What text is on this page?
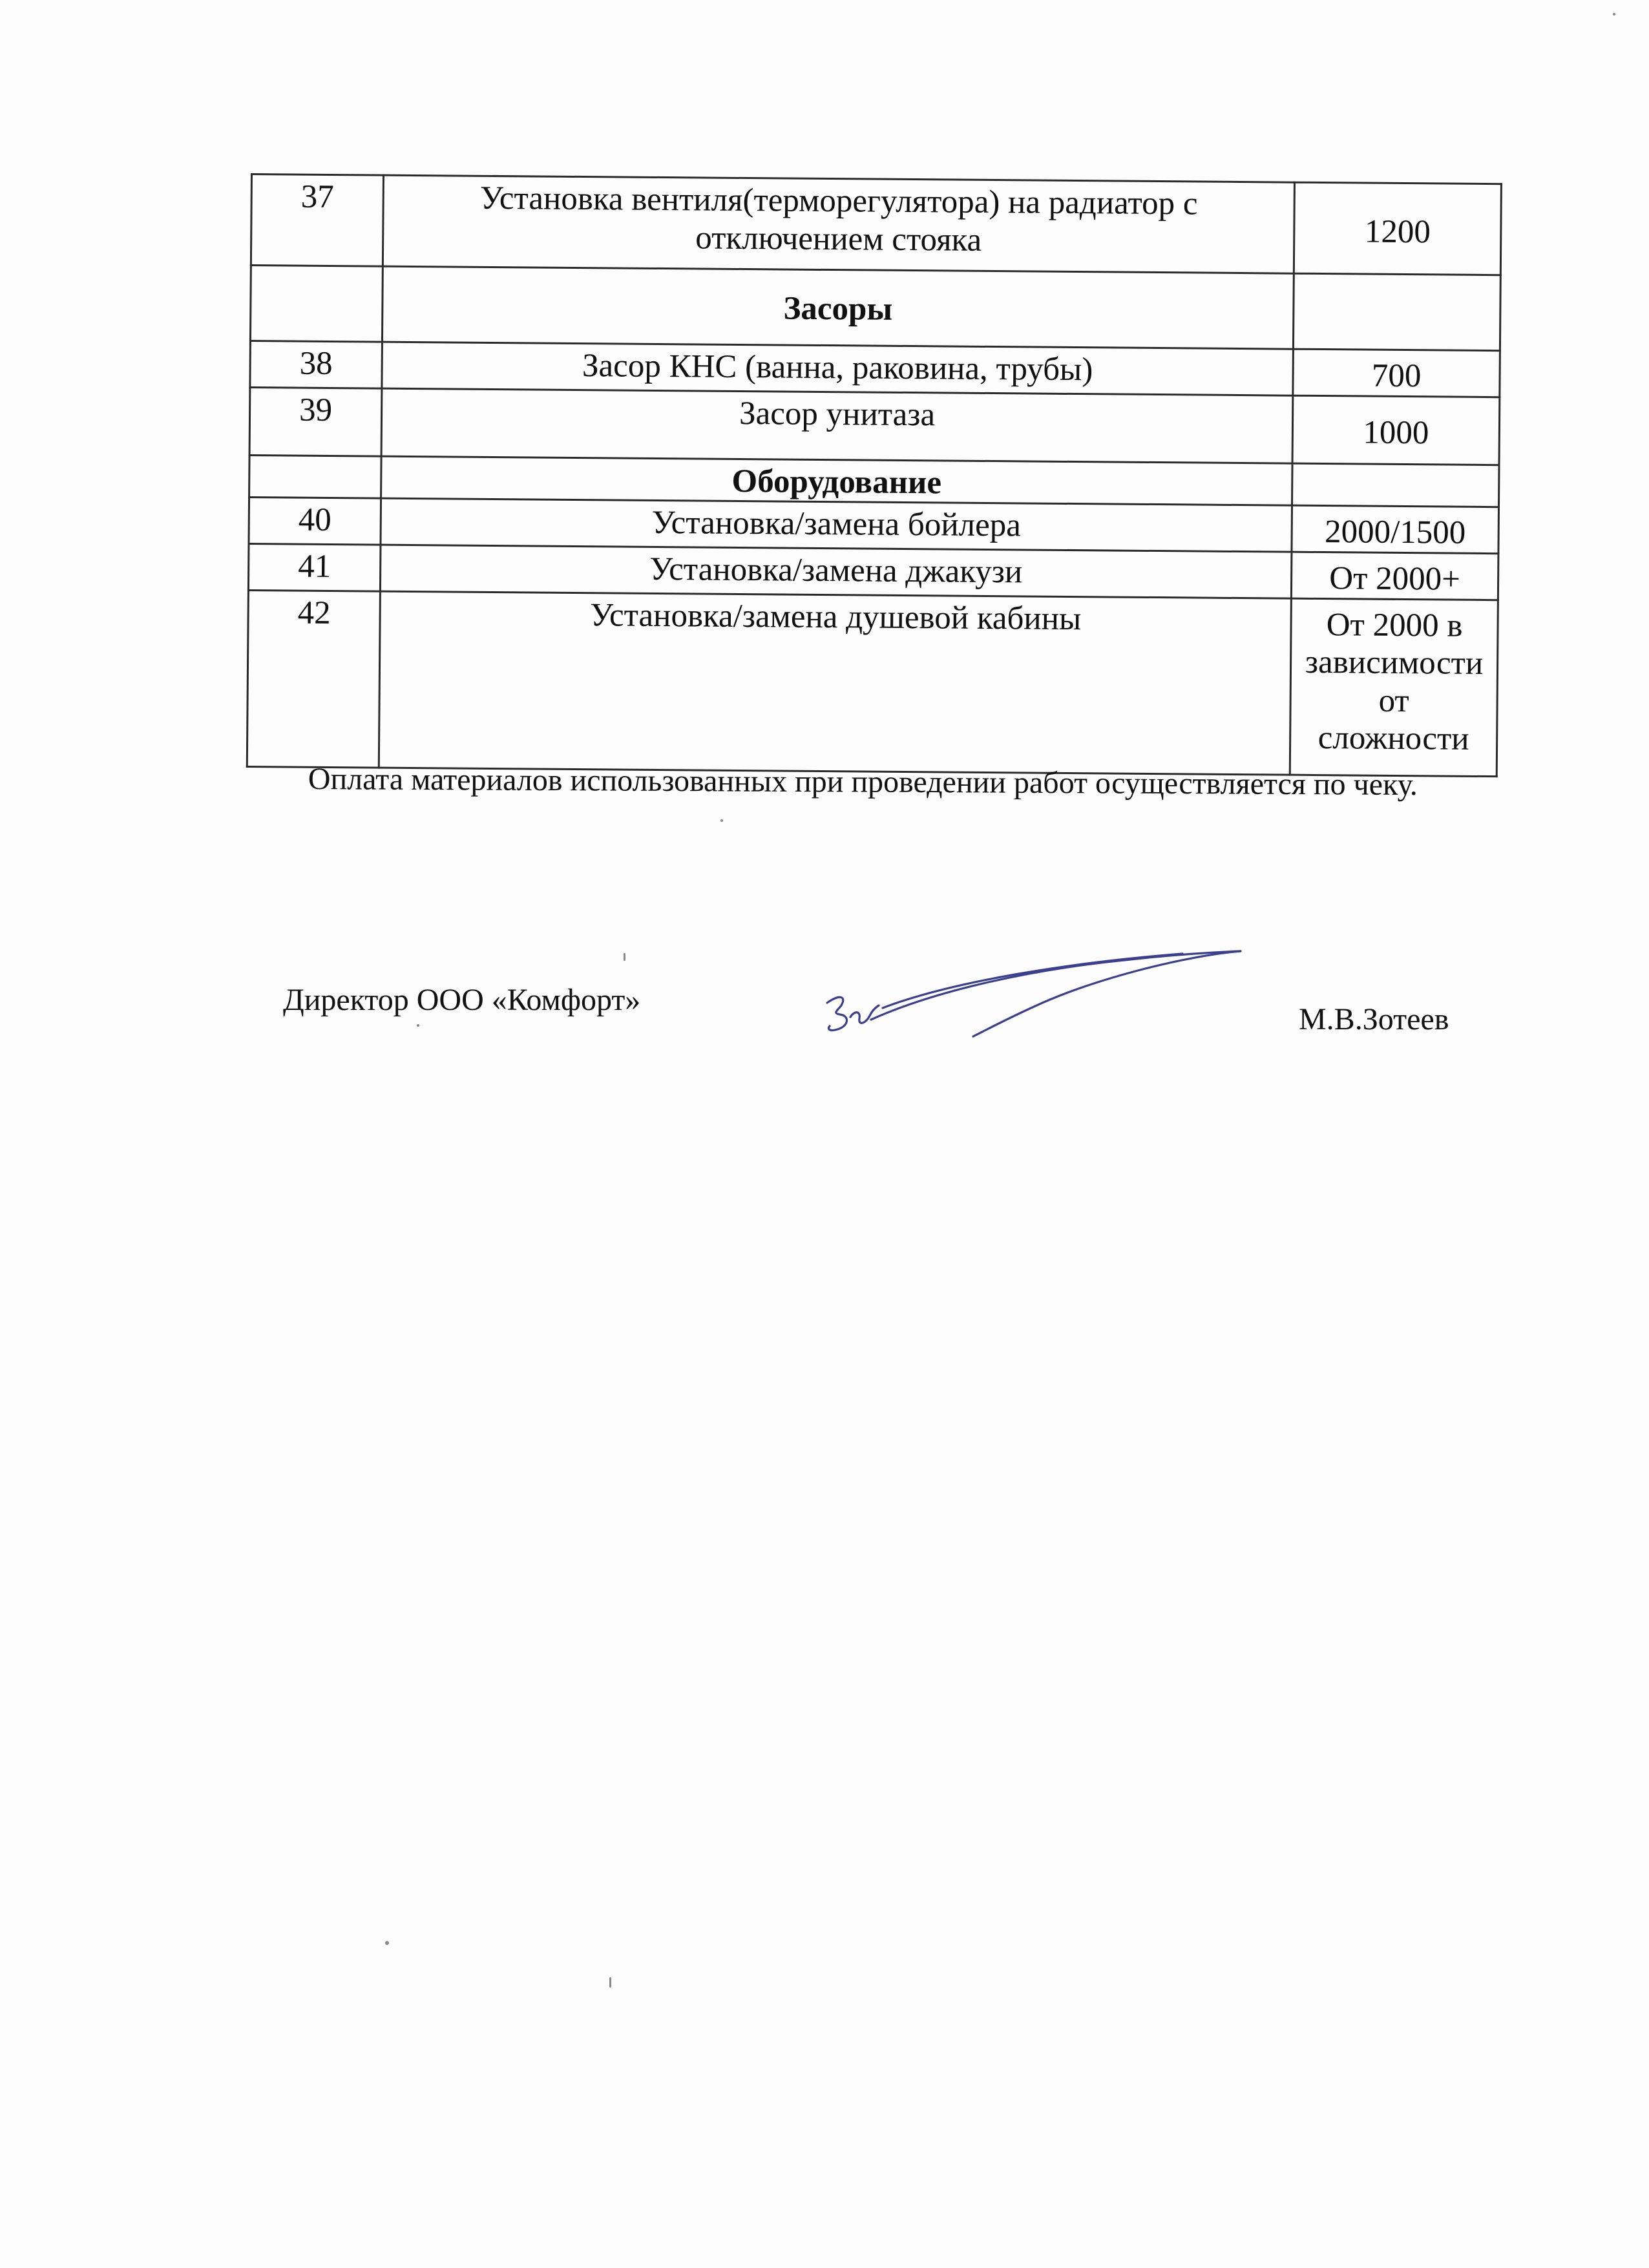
37	Установка вентиля(терморегулятора) на радиатор с отключением стояка	1200
	Засоры	
38	Засор КНС (ванна, раковина, трубы)	700
39	Засор унитаза	1000
	Оборудование	
40	Установка/замена бойлера	2000/1500
41	Установка/замена джакузи	От 2000+
42	Установка/замена душевой кабины	От 2000 в зависимости от сложности
Оплата материалов использованных при проведении работ осуществляется по чеку.
Директор ООО «Комфорт»
М.В.Зотеев
